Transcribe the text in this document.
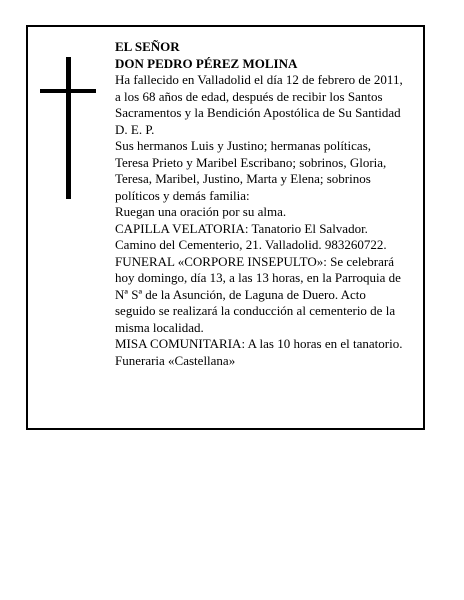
EL SEÑOR
DON PEDRO PÉREZ MOLINA
Ha fallecido en Valladolid el día 12 de febrero de 2011,
a los 68 años de edad, después de recibir los Santos
Sacramentos y la Bendición Apostólica de Su Santidad
D. E. P.
Sus hermanos Luis y Justino; hermanas políticas,
Teresa Prieto y Maribel Escribano; sobrinos, Gloria,
Teresa, Maribel, Justino, Marta y Elena; sobrinos
políticos y demás familia:
Ruegan una oración por su alma.
CAPILLA VELATORIA: Tanatorio El Salvador.
Camino del Cementerio, 21. Valladolid. 983260722.
FUNERAL «CORPORE INSEPULTO»: Se celebrará
hoy domingo, día 13, a las 13 horas, en la Parroquia de
Nª Sª de la Asunción, de Laguna de Duero. Acto
seguido se realizará la conducción al cementerio de la
misma localidad.
MISA COMUNITARIA: A las 10 horas en el tanatorio.
Funeraria «Castellana»
